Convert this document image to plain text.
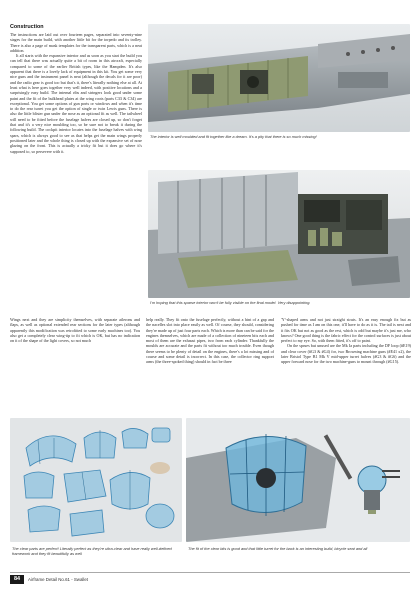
Construction

The instructions are laid out over fourteen pages, separated into seventy-nine stages for the main build, with another little bit for the torpedo and its trolley. There is also a page of mask templates for the transparent parts, which is a neat addition.

It all starts with the expansive interior and as soon as you start the build you can tell that there was actually quite a bit of room in this aircraft, especially compared to some of the earlier British types, like the Hampden. It's also apparent that there is a lovely lack of equipment in this kit. You get some very nice guns and the instrument panel is neat (although the decals for it are poor) and the radio gear is good too but that's it, there's literally nothing else at all. At least what is here goes together very well indeed, with positive locations and a surprisingly easy build. The internal ribs and stringers look good under some paint and the fit of the bulkhead plates at the wing roots (parts C33 & C34) are exceptional. You get some options of gun ports or windows and when it's time to do the rear turret you get the option of single or twin Lewis guns. There is also the little blister gun under the nose as an optional fit as well. The tailwheel will need to be fitted before the fuselage halves are closed up, so don't forget that and it's a very nice moulding too, so be sure not to break it during the following build. The cockpit interior locates into the fuselage halves with wing spars, which is always good to see as that helps get the main wings properly positioned later and the whole thing is closed up with the expansive set of nose glazing on the front. This is actually a tricky fit but it does go where it's supposed to, so persevere with it.

The interior is well moulded and fit together like a dream. It's a pity that there is so much missing!
I'm hoping that this sparse interior won't be fully visible on the final model. Very disappointing.

Wings next and they are simplicity themselves, with separate ailerons and flaps, as well as optional extended rear sections for the later types (although apparently this modification was retrofitted to some early machines too). You also get a completely clear wing-tip to fit which is OK, but has no indication on it of the shape of the light covers, so not much

help really. They fit onto the fuselage perfectly, without a hint of a gap and the nacelles slot into place easily as well. Of course, they should, considering they're made up of just four parts each. Which is more than can be said for the engines themselves, which are made of a collection of nineteen bits each and most of them are the exhaust pipes, two from each cylinder. Thankfully the moulds are accurate and the parts fit without too much trouble. Even though there seems to be plenty of detail on the engines, there's a lot missing and of course and some detail is incorrect. In this case, the collector ring support arms (the three-spoked thing) should in fact be three

'Y'-shaped arms and not just straight struts. It's an easy enough fix but as pushed for time as I am on this one, it'll have to do as it is. The tail is next and it fits OK but not as good as the rest, which is odd but maybe it's just me, who knows? One good thing is the fabric effect for the control surfaces is just about perfect to my eye. So, with them fitted, it's off to paint.

On the sprues but unused are the Mk Ia parts including the DF loop (#E19) and clear cover (#G3 & #G4) for, two Browning machine guns (#E41 x2), the later Bristol Type B1 Mk V mid-upper turret halves (#G3 & #G6) and the upper forward nose for the two machine-guns to mount through (#G15).

The clear parts are perfect! Literally perfect as they're ultra-clear and have really well-defined framework and they fit beautifully as well
The fit of the clear bits is good and that little turret for the back is an interesting build, bicycle seat and all
84	Airframe Detail No.61 - Swallet
